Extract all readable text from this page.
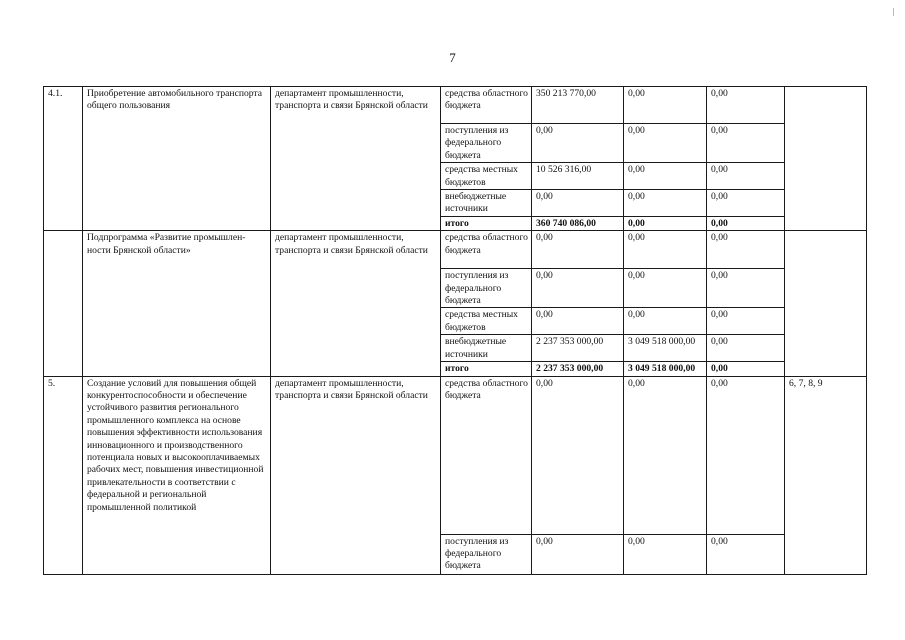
7
4.1.	Приобретение автомобильного транспорта общего пользования	департамент промышленности, транспорта и связи Брянской области	средства областного бюджета	350 213 770,00	0,00	0,00	
			поступления из федерального бюджета	0,00	0,00	0,00	
			средства местных бюджетов	10 526 316,00	0,00	0,00	
			внебюджетные источники	0,00	0,00	0,00	
			итого	360 740 086,00	0,00	0,00	
	Подпрограмма «Развитие промышлен-ности Брянской области»	департамент промышленности, транспорта и связи Брянской области	средства областного бюджета	0,00	0,00	0,00	
			поступления из федерального бюджета	0,00	0,00	0,00	
			средства местных бюджетов	0,00	0,00	0,00	
			внебюджетные источники	2 237 353 000,00	3 049 518 000,00	0,00	
			итого	2 237 353 000,00	3 049 518 000,00	0,00	
5.	Создание условий для повышения общей конкурентоспособности и обеспечение устойчивого развития регионального промышленного комплекса на основе повышения эффективности использования инновационного и производственного потенциала новых и высокооплачиваемых рабочих мест, повышения инвестиционной привлекательности в соответствии с федеральной и региональной промышленной политикой	департамент промышленности, транспорта и связи Брянской области	средства областного бюджета	0,00	0,00	0,00	6, 7, 8, 9
			поступления из федерального бюджета	0,00	0,00	0,00	
